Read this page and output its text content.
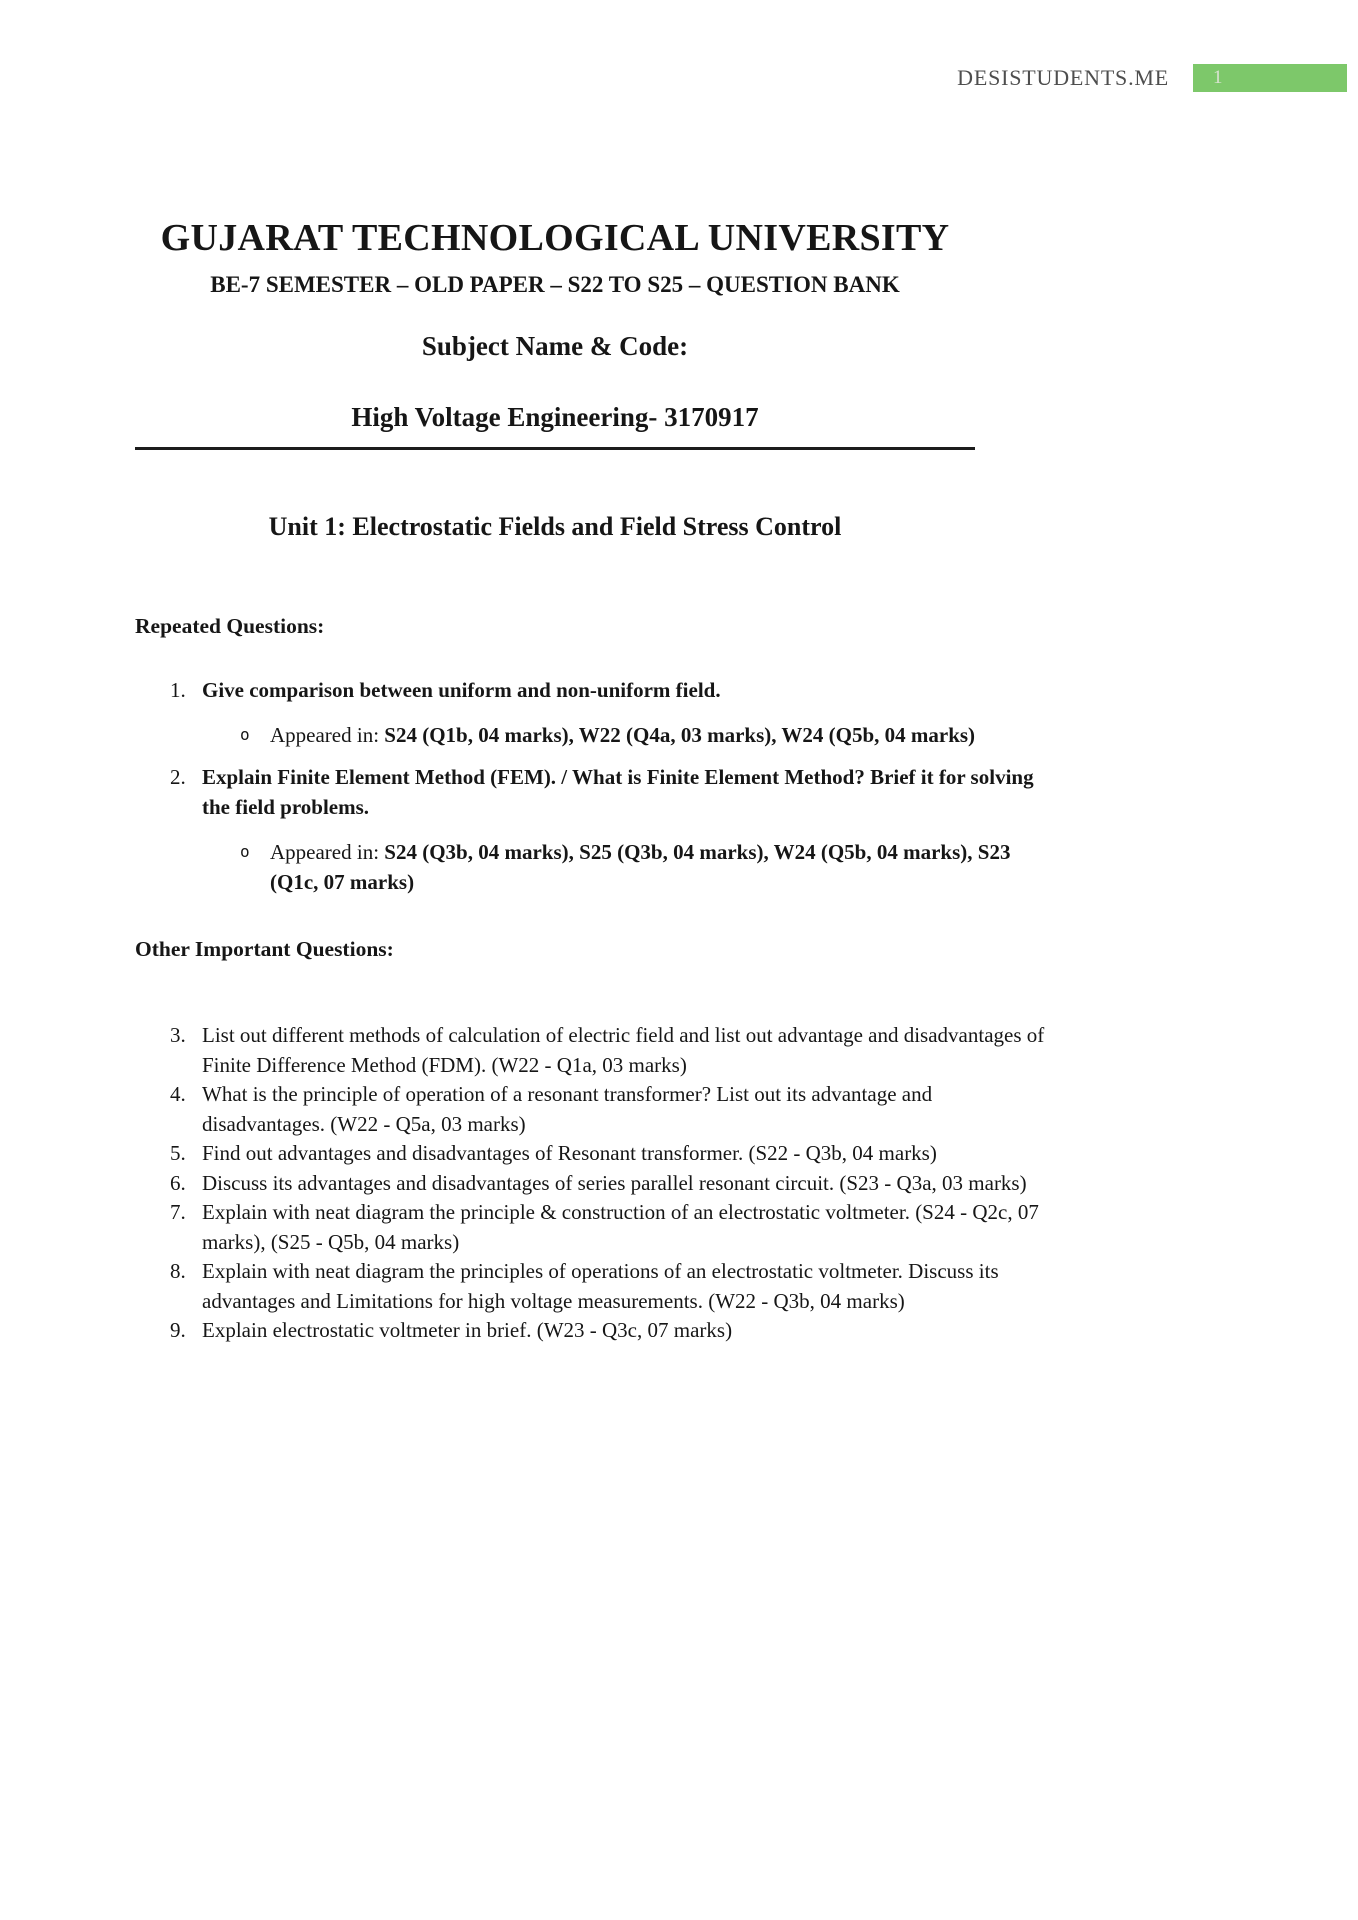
DESISTUDENTS.ME 1
GUJARAT TECHNOLOGICAL UNIVERSITY
BE-7 SEMESTER – OLD PAPER – S22 TO S25 – QUESTION BANK
Subject Name & Code:
High Voltage Engineering- 3170917
Unit 1: Electrostatic Fields and Field Stress Control
Repeated Questions:
1. Give comparison between uniform and non-uniform field.
o Appeared in: S24 (Q1b, 04 marks), W22 (Q4a, 03 marks), W24 (Q5b, 04 marks)
2. Explain Finite Element Method (FEM). / What is Finite Element Method? Brief it for solving the field problems.
o Appeared in: S24 (Q3b, 04 marks), S25 (Q3b, 04 marks), W24 (Q5b, 04 marks), S23 (Q1c, 07 marks)
Other Important Questions:
3. List out different methods of calculation of electric field and list out advantage and disadvantages of Finite Difference Method (FDM). (W22 - Q1a, 03 marks)
4. What is the principle of operation of a resonant transformer? List out its advantage and disadvantages. (W22 - Q5a, 03 marks)
5. Find out advantages and disadvantages of Resonant transformer. (S22 - Q3b, 04 marks)
6. Discuss its advantages and disadvantages of series parallel resonant circuit. (S23 - Q3a, 03 marks)
7. Explain with neat diagram the principle & construction of an electrostatic voltmeter. (S24 - Q2c, 07 marks), (S25 - Q5b, 04 marks)
8. Explain with neat diagram the principles of operations of an electrostatic voltmeter. Discuss its advantages and Limitations for high voltage measurements. (W22 - Q3b, 04 marks)
9. Explain electrostatic voltmeter in brief. (W23 - Q3c, 07 marks)
